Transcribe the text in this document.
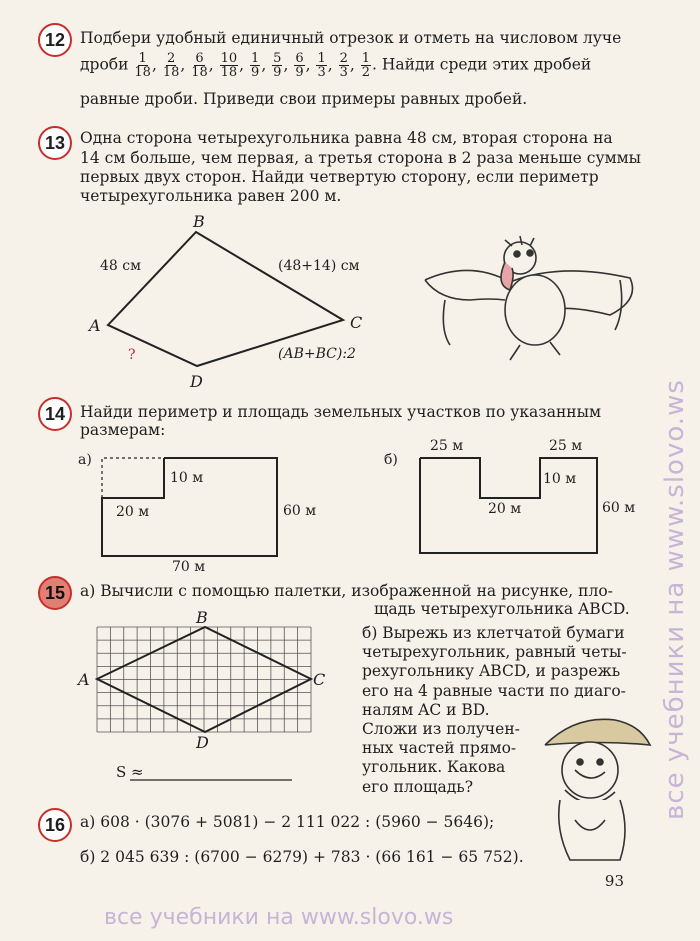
12 Подбери удобный единичный отрезок и отметь на числовом луче
дроби $\frac{1}{18}$ , $\frac{2}{18}$ , $\frac{6}{18}$ , $\frac{10}{18}$ , $\frac{1}{9}$ , $\frac{5}{9}$ , $\frac{6}{9}$ , $\frac{1}{3}$ , $\frac{2}{3}$ , $\frac{1}{2}$ . Найди среди этих дробей
равные дроби. Приведи свои примеры равных дробей.
13 Одна сторона четырехугольника равна 48 см, вторая сторона на
14 см больше, чем первая, а третья сторона в 2 раза меньше суммы
первых двух сторон. Найди четвертую сторону, если периметр
четырехугольника равен 200 м.
B
A	C
D
48 см	(48+14) см
(AB+BC):2
?
14 Найди периметр и площадь земельных участков по указанным
размерам:
а)
10 м
20 м	60 м
70 м
б)
25 м	25 м
10 м
20 м	60 м
15 а) Вычисли с помощью палетки, изображенной на рисунке, пло-
щадь четырехугольника ABCD.
B
A	C
D
S ≈
б) Вырежь из клетчатой бумаги
четырехугольник, равный четы-
рехугольнику ABCD, и разрежь
его на 4 равные части по диаго-
налям AC и BD.
Сложи из получен-
ных частей прямо-
угольник. Какова
его площадь?
16 а) 608 · (3076 + 5081) − 2 111 022 : (5960 − 5646);
б) 2 045 639 : (6700 − 6279) + 783 · (66 161 − 65 752).
93
все учебники на www.slovo.ws
все учебники на www.slovo.ws
